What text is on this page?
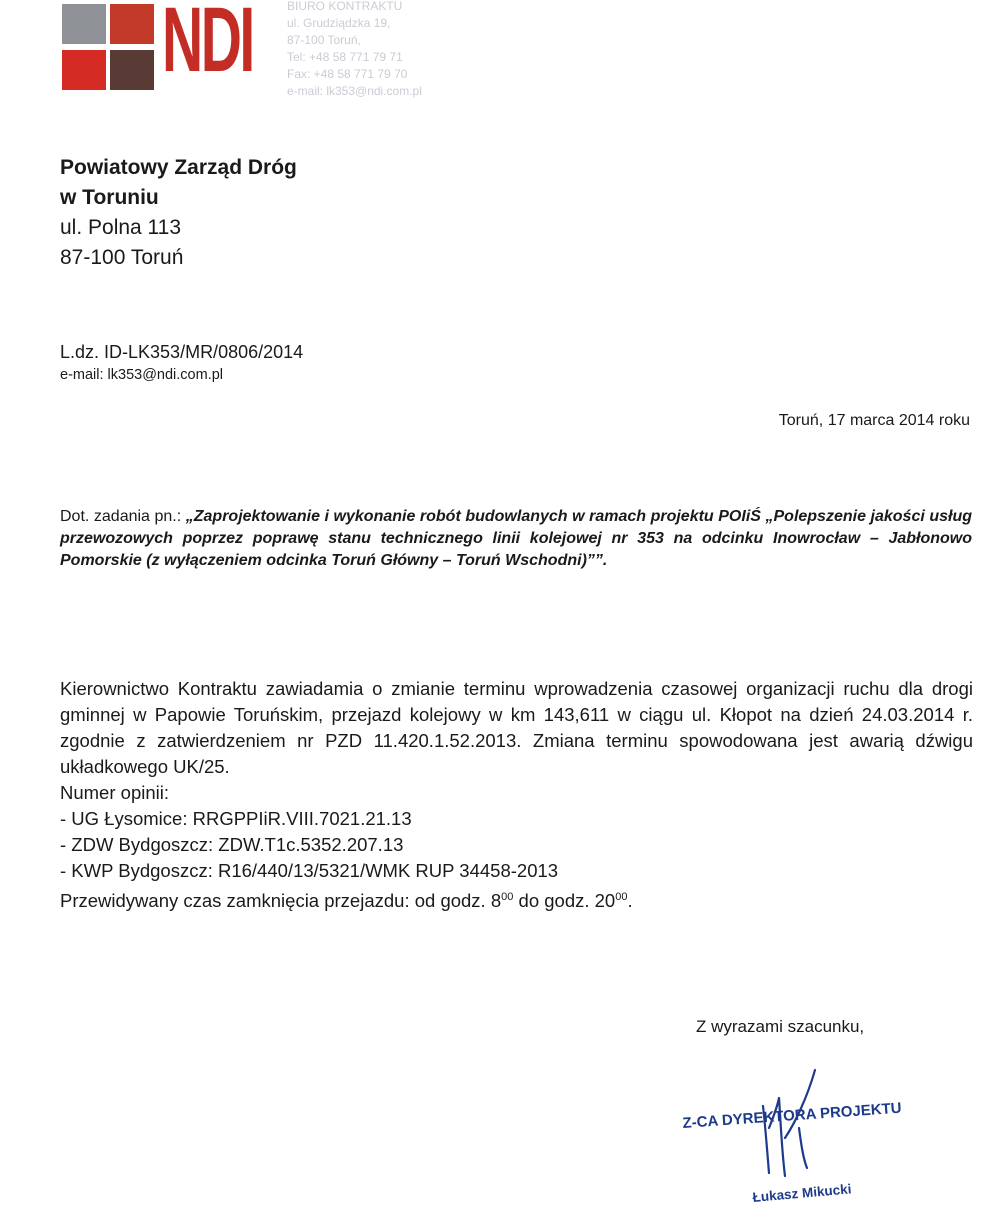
NDI	BIURO KONTRAKTU
ul. Grudziądzka 19,
87-100 Toruń,
Tel: +48 58 771 79 71
Fax: +48 58 771 79 70
e-mail: lk353@ndi.com.pl
Powiatowy Zarząd Dróg
w Toruniu
ul. Polna 113
87-100 Toruń
L.dz. ID-LK353/MR/0806/2014
e-mail: lk353@ndi.com.pl
Toruń, 17 marca 2014 roku
Dot. zadania pn.: „Zaprojektowanie i wykonanie robót budowlanych w ramach projektu POIiŚ „Polepszenie jakości usług przewozowych poprzez poprawę stanu technicznego linii kolejowej nr 353 na odcinku Inowrocław – Jabłonowo Pomorskie (z wyłączeniem odcinka Toruń Główny – Toruń Wschodni)””.

Kierownictwo Kontraktu zawiadamia o zmianie terminu wprowadzenia czasowej organizacji ruchu dla drogi gminnej w Papowie Toruńskim, przejazd kolejowy w km 143,611 w ciągu ul. Kłopot na dzień 24.03.2014 r. zgodnie z zatwierdzeniem nr PZD 11.420.1.52.2013. Zmiana terminu spowodowana jest awarią dźwigu układkowego UK/25.

Numer opinii:

- UG Łysomice: RRGPPIiR.VIII.7021.21.13

- ZDW Bydgoszcz: ZDW.T1c.5352.207.13

- KWP Bydgoszcz: R16/440/13/5321/WMK RUP 34458-2013

Przewidywany czas zamknięcia przejazdu: od godz. $8^{00}$ do godz. $20^{00}$.

Z wyrazami szacunku,
Z-CA DYREKTORA PROJEKTU
Łukasz Mikucki
